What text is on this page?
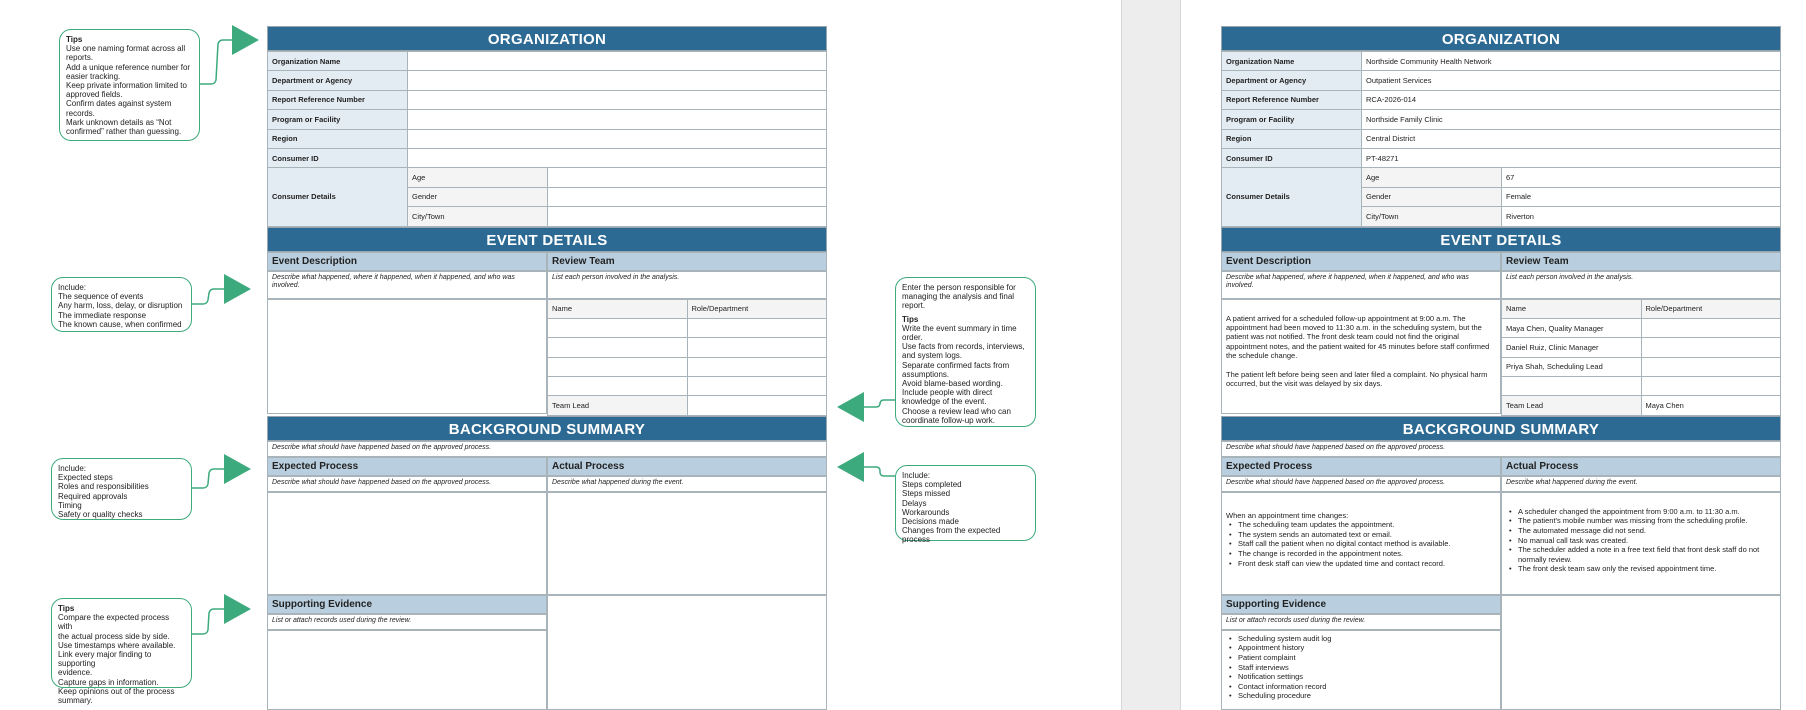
Tips
Use one naming format across all
reports.
Add a unique reference number for
easier tracking.
Keep private information limited to
approved fields.
Confirm dates against system
records.
Mark unknown details as “Not
confirmed” rather than guessing.
Include:
The sequence of events
Any harm, loss, delay, or disruption
The immediate response
The known cause, when confirmed
Include:
Expected steps
Roles and responsibilities
Required approvals
Timing
Safety or quality checks
Tips
Compare the expected process with
the actual process side by side.
Use timestamps where available.
Link every major finding to supporting
evidence.
Capture gaps in information.
Keep opinions out of the process
summary.
Enter the person responsible for
managing the analysis and final
report.
Tips
Write the event summary in time
order.
Use facts from records, interviews,
and system logs.
Separate confirmed facts from
assumptions.
Avoid blame-based wording.
Include people with direct
knowledge of the event.
Choose a review lead who can
coordinate follow-up work.
Include:
Steps completed
Steps missed
Delays
Workarounds
Decisions made
Changes from the expected process
ORGANIZATION
Organization Name		
Department or Agency		
Report Reference Number		
Program or Facility		
Region		
Consumer ID		
Consumer Details	Age	
	Gender	
	City/Town	
EVENT DETAILS
Event Description
Describe what happened, where it happened, when it happened, and who was involved.
Review Team
List each person involved in the analysis.
Name	Role/Department

Team Lead	
BACKGROUND SUMMARY
Describe what should have happened based on the approved process.
Expected Process
Describe what should have happened based on the approved process.
Supporting Evidence
List or attach records used during the review.
Actual Process
Describe what happened during the event.
ORGANIZATION
Organization Name	Northside Community Health Network	
Department or Agency	Outpatient Services	
Report Reference Number	RCA-2026-014	
Program or Facility	Northside Family Clinic	
Region	Central District	
Consumer ID	PT-48271	
Consumer Details	Age	67
	Gender	Female
	City/Town	Riverton
EVENT DETAILS
Event Description
Describe what happened, where it happened, when it happened, and who was involved.
A patient arrived for a scheduled follow-up appointment at 9:00 a.m. The appointment had been moved to 11:30 a.m. in the scheduling system, but the patient was not notified. The front desk team could not find the original appointment notes, and the patient waited for 45 minutes before staff confirmed the schedule change.
The patient left before being seen and later filed a complaint. No physical harm occurred, but the visit was delayed by six days.
Review Team
List each person involved in the analysis.
Name	Role/Department
Maya Chen, Quality Manager	
Daniel Ruiz, Clinic Manager	
Priya Shah, Scheduling Lead	

Team Lead	Maya Chen
BACKGROUND SUMMARY
Describe what should have happened based on the approved process.
Expected Process
Describe what should have happened based on the approved process.
When an appointment time changes:
• The scheduling team updates the appointment.
• The system sends an automated text or email.
• Staff call the patient when no digital contact method is available.
• The change is recorded in the appointment notes.
• Front desk staff can view the updated time and contact record.
Supporting Evidence
List or attach records used during the review.
• Scheduling system audit log
• Appointment history
• Patient complaint
• Staff interviews
• Notification settings
• Contact information record
• Scheduling procedure
Actual Process
Describe what happened during the event.
• A scheduler changed the appointment from 9:00 a.m. to 11:30 a.m.
• The patient's mobile number was missing from the scheduling profile.
• The automated message did not send.
• No manual call task was created.
• The scheduler added a note in a free text field that front desk staff do not normally review.
• The front desk team saw only the revised appointment time.
